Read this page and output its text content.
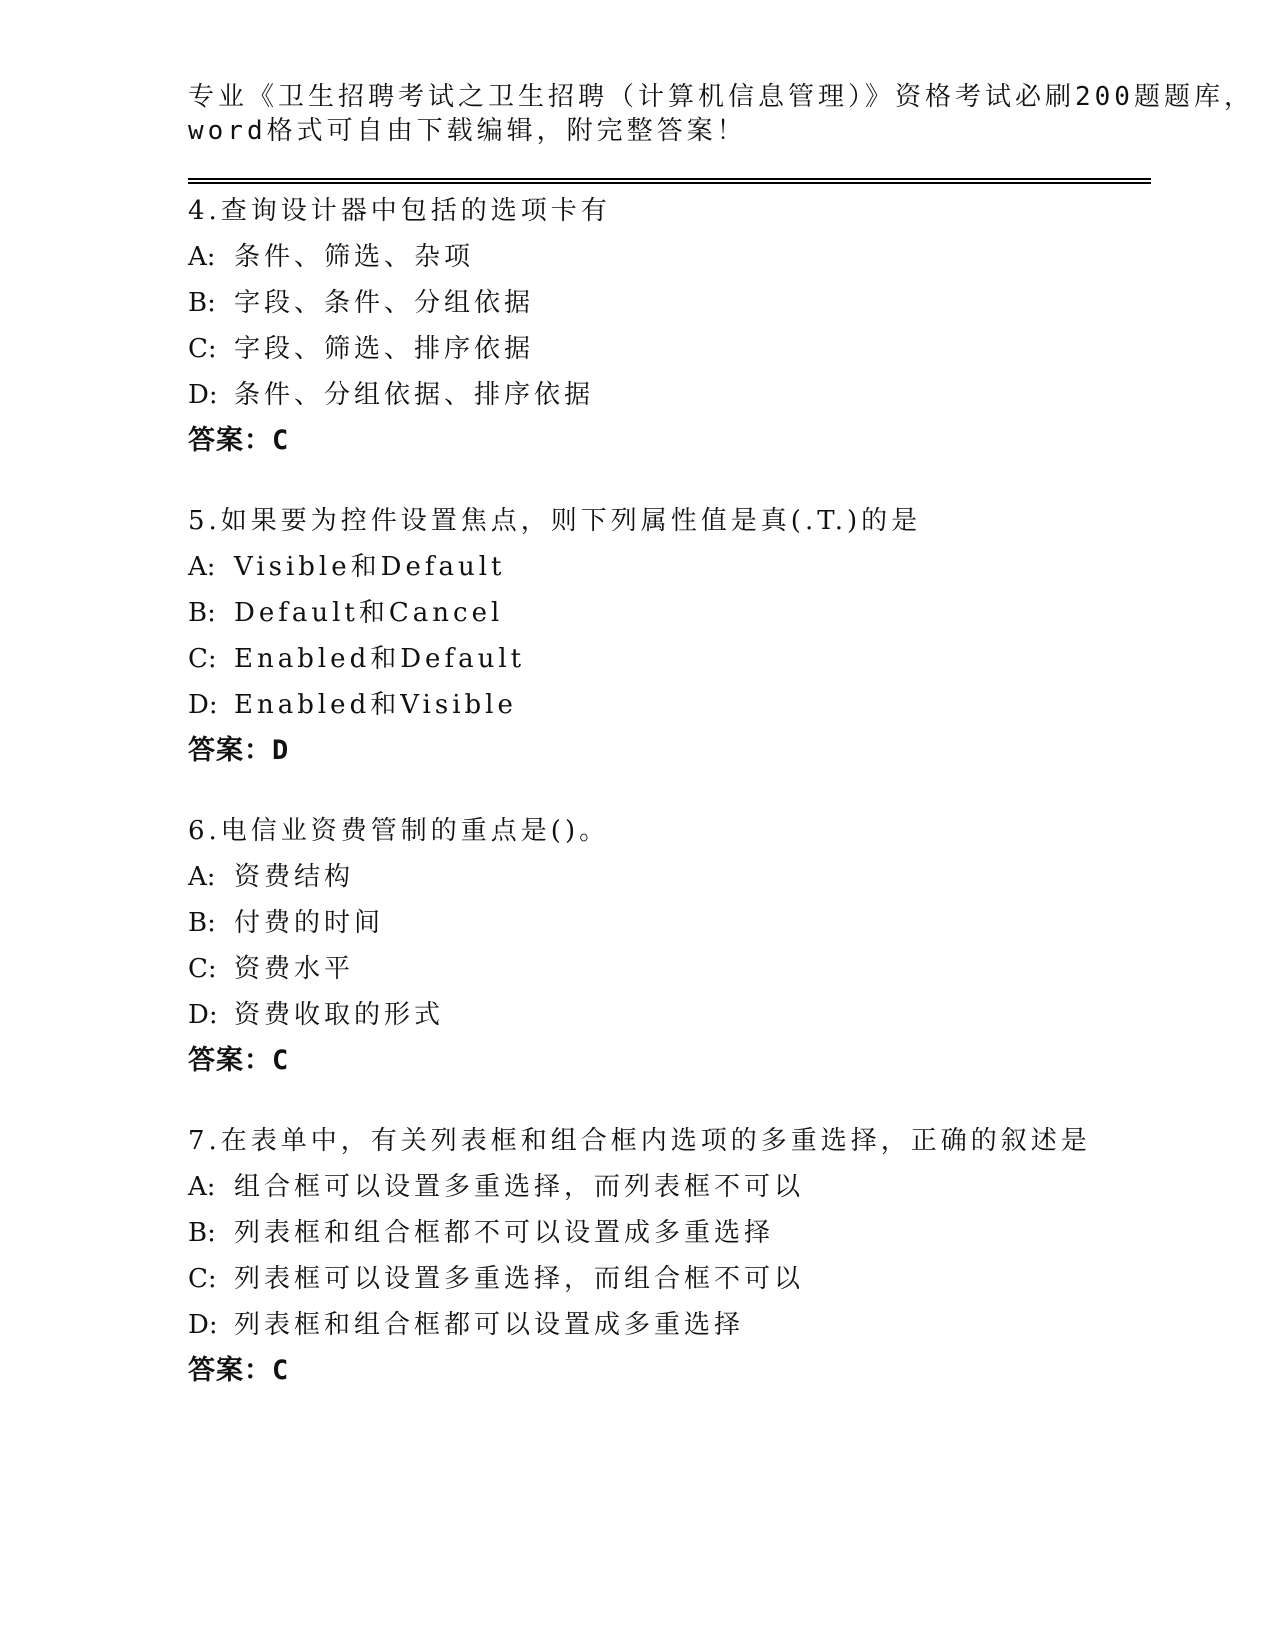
专业《卫生招聘考试之卫生招聘（计算机信息管理）》资格考试必刷200题题库，
word格式可自由下载编辑，附完整答案！
4.查询设计器中包括的选项卡有
A: 条件、筛选、杂项
B: 字段、条件、分组依据
C: 字段、筛选、排序依据
D: 条件、分组依据、排序依据
答案：C
5.如果要为控件设置焦点，则下列属性值是真(.T.)的是
A: Visible和Default
B: Default和Cancel
C: Enabled和Default
D: Enabled和Visible
答案：D
6.电信业资费管制的重点是()。
A: 资费结构
B: 付费的时间
C: 资费水平
D: 资费收取的形式
答案：C
7.在表单中，有关列表框和组合框内选项的多重选择，正确的叙述是
A: 组合框可以设置多重选择，而列表框不可以
B: 列表框和组合框都不可以设置成多重选择
C: 列表框可以设置多重选择，而组合框不可以
D: 列表框和组合框都可以设置成多重选择
答案：C
